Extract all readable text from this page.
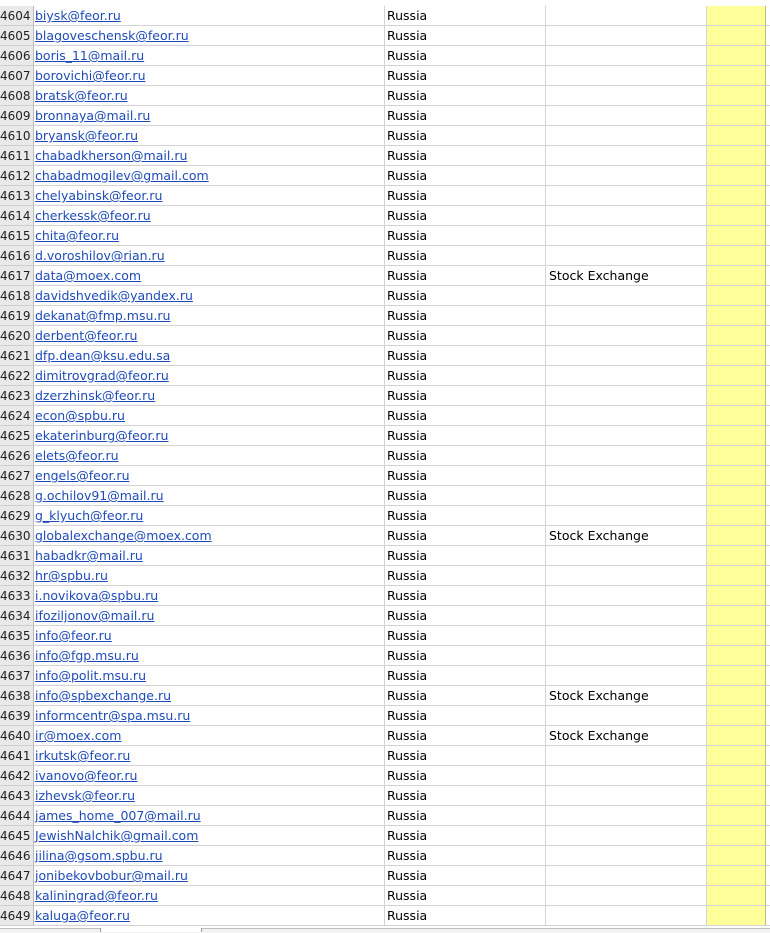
4604 biysk@feor.ru	Russia
4605 blagoveschensk@feor.ru	Russia
4606 boris_11@mail.ru	Russia
4607 borovichi@feor.ru	Russia
4608 bratsk@feor.ru	Russia
4609 bronnaya@mail.ru	Russia
4610 bryansk@feor.ru	Russia
4611 chabadkherson@mail.ru	Russia
4612 chabadmogilev@gmail.com	Russia
4613 chelyabinsk@feor.ru	Russia
4614 cherkessk@feor.ru	Russia
4615 chita@feor.ru	Russia
4616 d.voroshilov@rian.ru	Russia
4617 data@moex.com	Russia	Stock Exchange
4618 davidshvedik@yandex.ru	Russia
4619 dekanat@fmp.msu.ru	Russia
4620 derbent@feor.ru	Russia
4621 dfp.dean@ksu.edu.sa	Russia
4622 dimitrovgrad@feor.ru	Russia
4623 dzerzhinsk@feor.ru	Russia
4624 econ@spbu.ru	Russia
4625 ekaterinburg@feor.ru	Russia
4626 elets@feor.ru	Russia
4627 engels@feor.ru	Russia
4628 g.ochilov91@mail.ru	Russia
4629 g_klyuch@feor.ru	Russia
4630 globalexchange@moex.com	Russia	Stock Exchange
4631 habadkr@mail.ru	Russia
4632 hr@spbu.ru	Russia
4633 i.novikova@spbu.ru	Russia
4634 ifoziljonov@mail.ru	Russia
4635 info@feor.ru	Russia
4636 info@fgp.msu.ru	Russia
4637 info@polit.msu.ru	Russia
4638 info@spbexchange.ru	Russia	Stock Exchange
4639 informcentr@spa.msu.ru	Russia
4640 ir@moex.com	Russia	Stock Exchange
4641 irkutsk@feor.ru	Russia
4642 ivanovo@feor.ru	Russia
4643 izhevsk@feor.ru	Russia
4644 james_home_007@mail.ru	Russia
4645 JewishNalchik@gmail.com	Russia
4646 jilina@gsom.spbu.ru	Russia
4647 jonibekovbobur@mail.ru	Russia
4648 kaliningrad@feor.ru	Russia
4649 kaluga@feor.ru	Russia
